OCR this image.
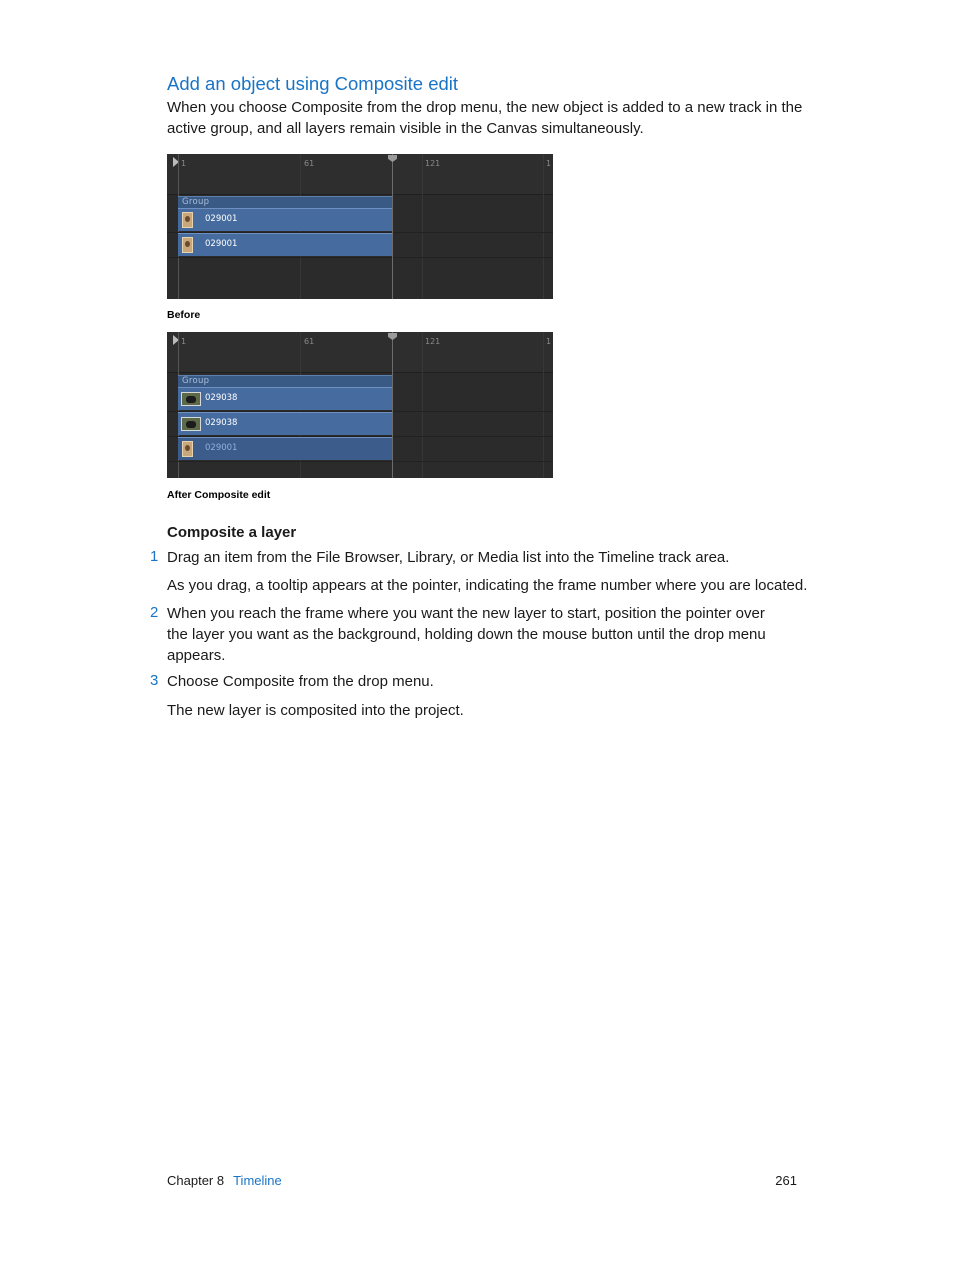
Add an object using Composite edit
When you choose Composite from the drop menu, the new object is added to a new track in the active group, and all layers remain visible in the Canvas simultaneously.
1	61	121	1
Group
029001
029001
Before
1	61	121	1
Group
029038
029038
029001
After Composite edit
Composite a layer
1 Drag an item from the File Browser, Library, or Media list into the Timeline track area.
As you drag, a tooltip appears at the pointer, indicating the frame number where you are located.
2 When you reach the frame where you want the new layer to start, position the pointer over the layer you want as the background, holding down the mouse button until the drop menu appears.
3 Choose Composite from the drop menu.
The new layer is composited into the project.
Chapter 8 Timeline	261
